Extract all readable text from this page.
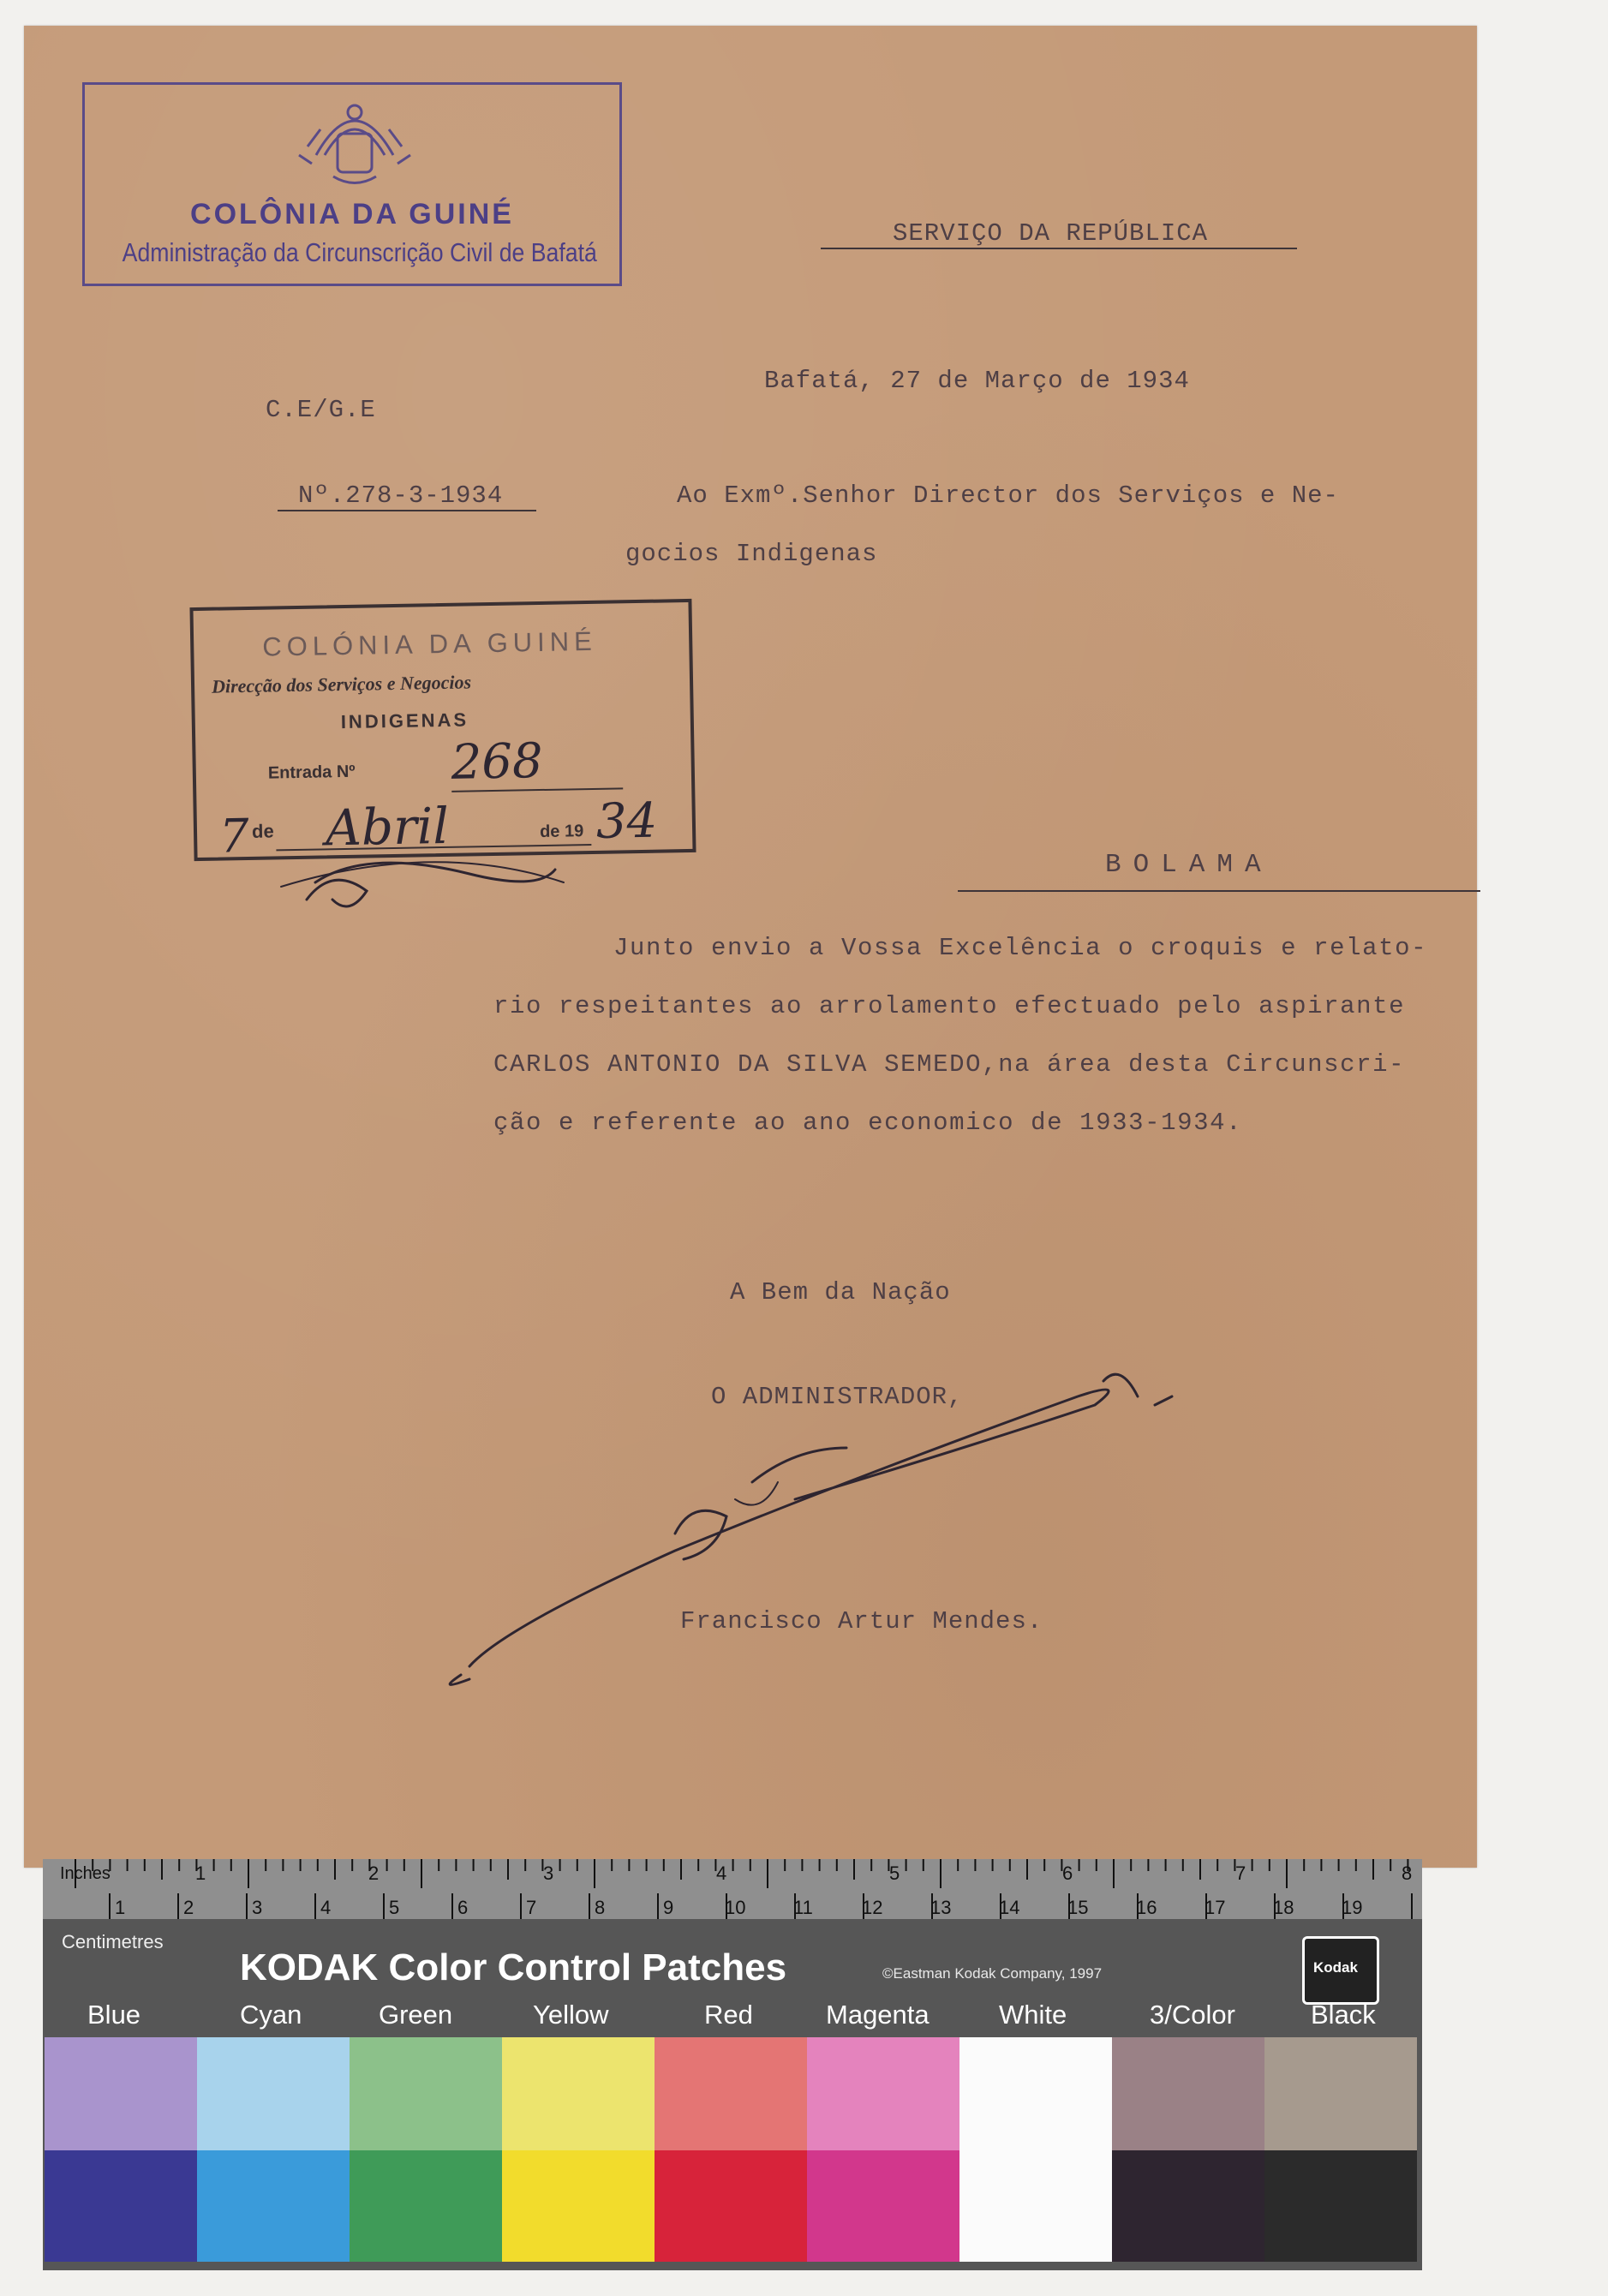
COLÔNIA DA GUINÉ
Administração da Circunscrição Civil de Bafatá
SERVIÇO DA REPÚBLICA
Bafatá, 27 de Março de 1934
C.E/G.E
Nº.278-3-1934	Ao Exmº.Senhor Director dos Serviços e Ne-
gocios Indigenas
COLÓNIA DA GUINÉ
Direcção dos Serviços e Negocios
INDIGENAS
Entrada Nº 268
7 de Abril	de 19 34
BOLAMA
Junto envio a Vossa Excelência o croquis e relato-
rio respeitantes ao arrolamento efectuado pelo aspirante
CARLOS ANTONIO DA SILVA SEMEDO,na área desta Circunscri-
ção e referente ao ano economico de 1933-1934.
A Bem da Nação
O ADMINISTRADOR,
Francisco Artur Mendes.
Inches	1	2	3	4	5	6	7	8
1	2	3	4	5	6	7	8	9	10	11	12	13	14	15	16	17	18	19
Centimetres
KODAK Color Control Patches	©Eastman Kodak Company, 1997	Kodak
Blue	Cyan	Green	Yellow	Red	Magenta	White	3/Color	Black
